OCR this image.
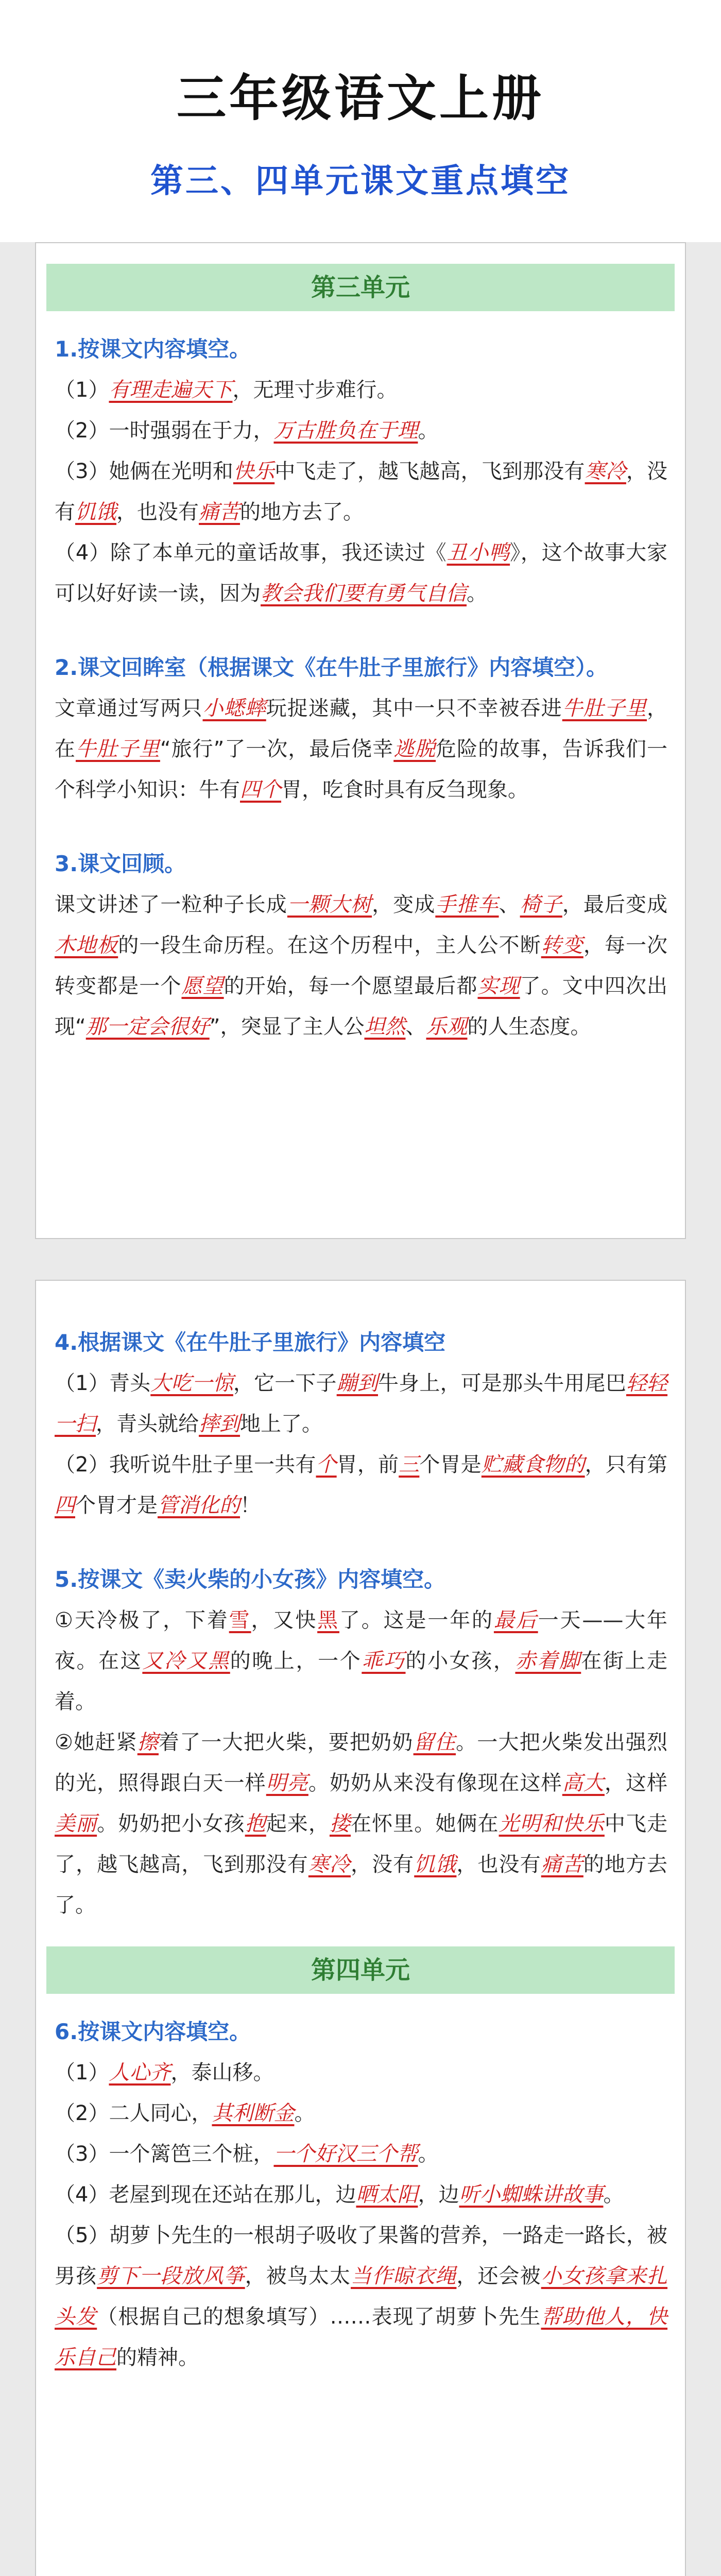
三年级语文上册
第三、四单元课文重点填空
第三单元
1.按课文内容填空。

（1）有理走遍天下，无理寸步难行。

（2）一时强弱在于力，万古胜负在于理。

（3）她俩在光明和快乐中飞走了，越飞越高，飞到那没有寒冷，没有饥饿，也没有痛苦的地方去了。

（4）除了本单元的童话故事，我还读过《丑小鸭》，这个故事大家可以好好读一读，因为教会我们要有勇气自信。

2.课文回眸室（根据课文《在牛肚子里旅行》内容填空）。

文章通过写两只小蟋蟀玩捉迷藏，其中一只不幸被吞进牛肚子里，在牛肚子里“旅行”了一次，最后侥幸逃脱危险的故事，告诉我们一个科学小知识：牛有四个胃，吃食时具有反刍现象。

3.课文回顾。

课文讲述了一粒种子长成一颗大树，变成手推车、椅子，最后变成木地板的一段生命历程。在这个历程中，主人公不断转变，每一次转变都是一个愿望的开始，每一个愿望最后都实现了。文中四次出现“那一定会很好”，突显了主人公坦然、乐观的人生态度。

4.根据课文《在牛肚子里旅行》内容填空

（1）青头大吃一惊，它一下子蹦到牛身上，可是那头牛用尾巴轻轻一扫，青头就给摔到地上了。

（2）我听说牛肚子里一共有个胃，前三个胃是贮藏食物的，只有第四个胃才是管消化的！

5.按课文《卖火柴的小女孩》内容填空。

①天冷极了，下着雪，又快黑了。这是一年的最后一天——大年夜。在这又冷又黑的晚上，一个乖巧的小女孩，赤着脚在街上走着。

②她赶紧擦着了一大把火柴，要把奶奶留住。一大把火柴发出强烈的光，照得跟白天一样明亮。奶奶从来没有像现在这样高大，这样美丽。奶奶把小女孩抱起来，搂在怀里。她俩在光明和快乐中飞走了，越飞越高，飞到那没有寒冷，没有饥饿，也没有痛苦的地方去了。

第四单元
6.按课文内容填空。

（1）人心齐，泰山移。

（2）二人同心，其利断金。

（3）一个篱笆三个桩，一个好汉三个帮。

（4）老屋到现在还站在那儿，边晒太阳，边听小蜘蛛讲故事。

（5）胡萝卜先生的一根胡子吸收了果酱的营养，一路走一路长，被男孩剪下一段放风筝，被鸟太太当作晾衣绳，还会被小女孩拿来扎头发（根据自己的想象填写）……表现了胡萝卜先生帮助他人，快乐自己的精神。
